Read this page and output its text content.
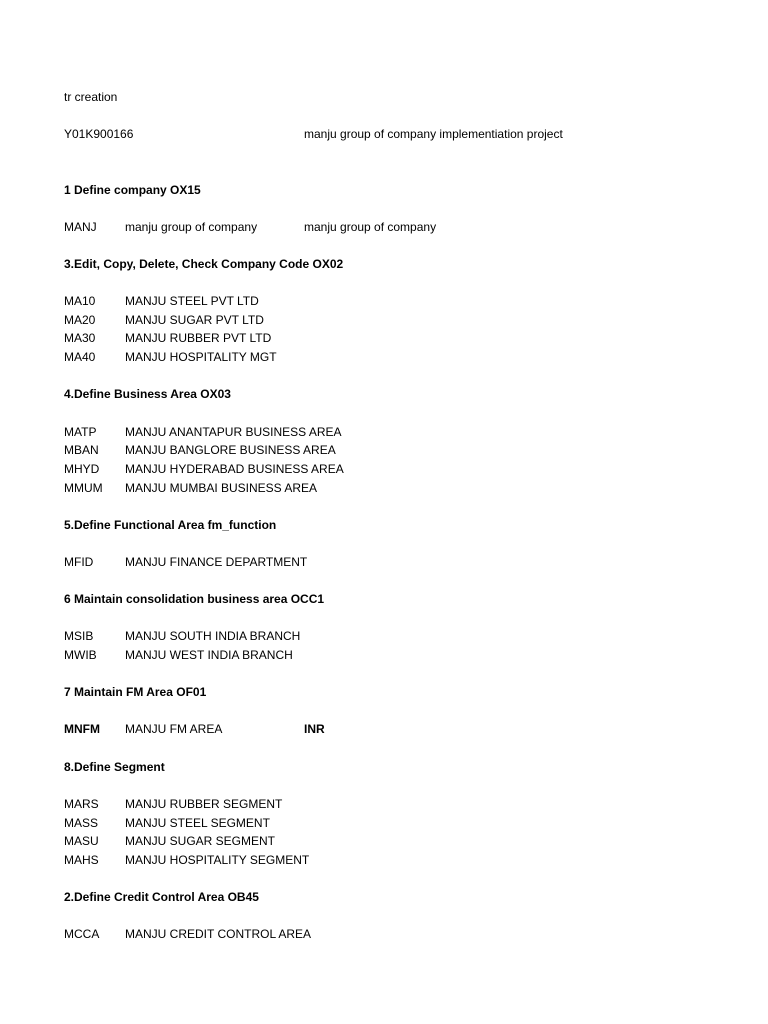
tr creation
Y01K900166	manju group of company implementiation project
1 Define company OX15
MANJ manju group of company	manju group of company
3.Edit, Copy, Delete, Check Company Code OX02
MA10 MANJU STEEL PVT LTD
MA20 MANJU SUGAR PVT LTD
MA30 MANJU RUBBER PVT LTD
MA40 MANJU HOSPITALITY MGT
4.Define Business Area OX03
MATP MANJU ANANTAPUR BUSINESS AREA
MBAN MANJU BANGLORE BUSINESS AREA
MHYD MANJU HYDERABAD BUSINESS AREA
MMUM MANJU MUMBAI BUSINESS AREA
5.Define Functional Area fm_function
MFID	MANJU FINANCE DEPARTMENT
6 Maintain consolidation business area OCC1
MSIB	MANJU SOUTH INDIA BRANCH
MWIB MANJU WEST INDIA BRANCH
7 Maintain FM Area OF01
MNFM MANJU FM AREA	INR
8.Define Segment
MARS MANJU RUBBER SEGMENT
MASS MANJU STEEL SEGMENT
MASU MANJU SUGAR SEGMENT
MAHS MANJU HOSPITALITY SEGMENT
2.Define Credit Control Area OB45
MCCA MANJU CREDIT CONTROL AREA
